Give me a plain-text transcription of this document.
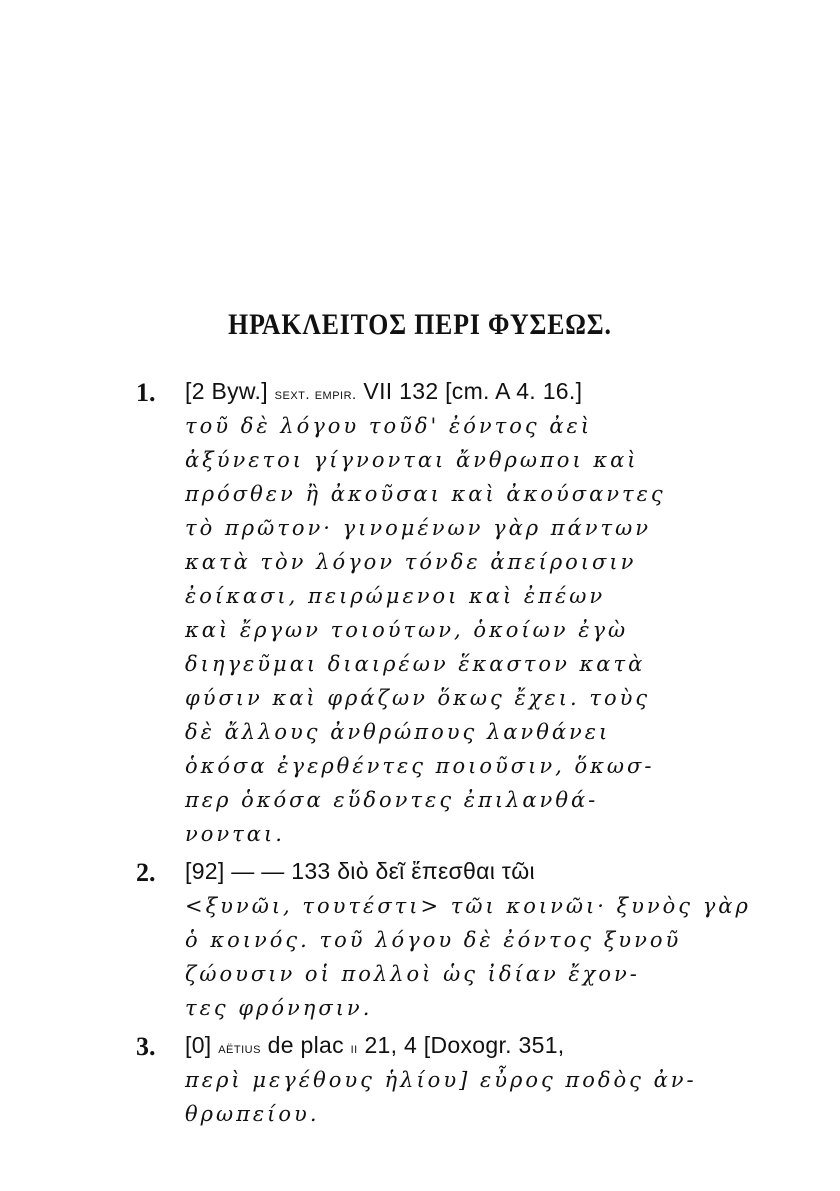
ΗΡΑΚΛΕΙΤΟΣ ΠΕΡΙ ΦΥΣΕΩΣ.
1. [2 Byw.] sext. empir. VII 132 [cm. A 4. 16.]
τοῦ δὲ λόγου τοῦδ' ἐόντος ἀεὶ
ἀξύνετοι γίγνονται ἄνθρωποι καὶ
πρόσθεν ἢ ἀκοῦσαι καὶ ἀκούσαντες
τὸ πρῶτον· γινομένων γὰρ πάντων
κατὰ τὸν λόγον τόνδε ἀπείροισιν
ἐοίκασι, πειρώμενοι καὶ ἐπέων
καὶ ἔργων τοιούτων, ὁκοίων ἐγὼ
διηγεῦμαι διαιρέων ἕκαστον κατὰ
φύσιν καὶ φράζων ὅκως ἔχει. τοὺς
δὲ ἄλλους ἀνθρώπους λανθάνει
ὁκόσα ἐγερθέντες ποιοῦσιν, ὅκωσ-
περ ὁκόσα εὕδοντες ἐπιλανθά-
νονται.
2. [92] — — 133 διὸ δεῖ ἕπεσθαι τῶι
<ξυνῶι, τουτέστι> τῶι κοινῶι· ξυνὸς γὰρ
ὁ κοινός. τοῦ λόγου δὲ ἐόντος ξυνοῦ
ζώουσιν οἱ πολλοὶ ὡς ἰδίαν ἔχον-
τες φρόνησιν.
3. [0] aëtius de plac ii 21, 4 [Doxogr. 351,
περὶ μεγέθους ἡλίου] εὖρος ποδὸς ἀν-
θρωπείου.
